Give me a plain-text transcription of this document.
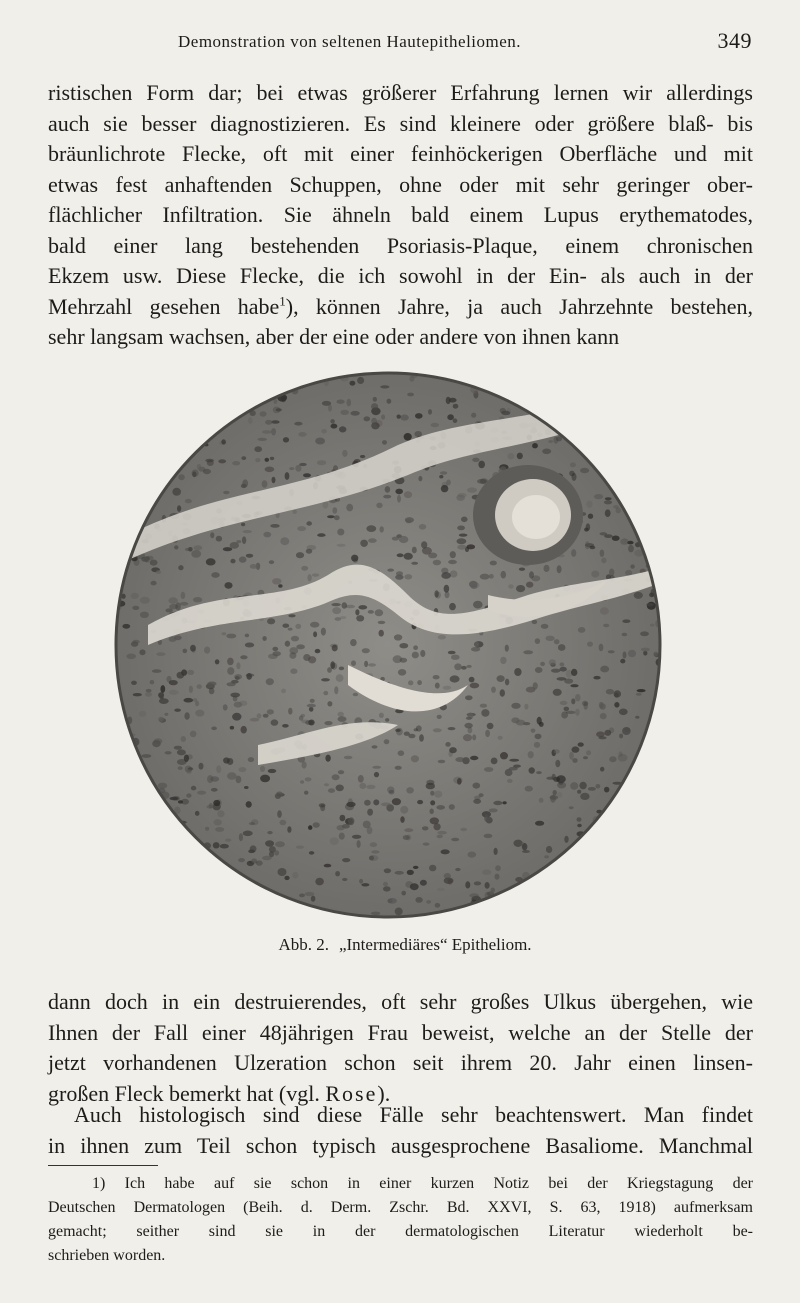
Demonstration von seltenen Hautepitheliomen.	349
ristischen Form dar; bei etwas größerer Erfahrung lernen wir allerdings
auch sie besser diagnostizieren. Es sind kleinere oder größere blaß- bis
bräunlichrote Flecke, oft mit einer feinhöckerigen Oberfläche und mit
etwas fest anhaftenden Schuppen, ohne oder mit sehr geringer ober-
flächlicher Infiltration. Sie ähneln bald einem Lupus erythematodes,
bald einer lang bestehenden Psoriasis-Plaque, einem chronischen
Ekzem usw. Diese Flecke, die ich sowohl in der Ein- als auch in der
Mehrzahl gesehen habe$^1$), können Jahre, ja auch Jahrzehnte bestehen,
sehr langsam wachsen, aber der eine oder andere von ihnen kann
Abb. 2. „Intermediäres“ Epitheliom.
dann doch in ein destruierendes, oft sehr großes Ulkus übergehen, wie
Ihnen der Fall einer 48jährigen Frau beweist, welche an der Stelle der
jetzt vorhandenen Ulzeration schon seit ihrem 20. Jahr einen linsen-
großen Fleck bemerkt hat (vgl. Rose).
Auch histologisch sind diese Fälle sehr beachtenswert. Man findet
in ihnen zum Teil schon typisch ausgesprochene Basaliome. Manchmal
1) Ich habe auf sie schon in einer kurzen Notiz bei der Kriegstagung der
Deutschen Dermatologen (Beih. d. Derm. Zschr. Bd. XXVI, S. 63, 1918) aufmerksam
gemacht; seither sind sie in der dermatologischen Literatur wiederholt be-
schrieben worden.
